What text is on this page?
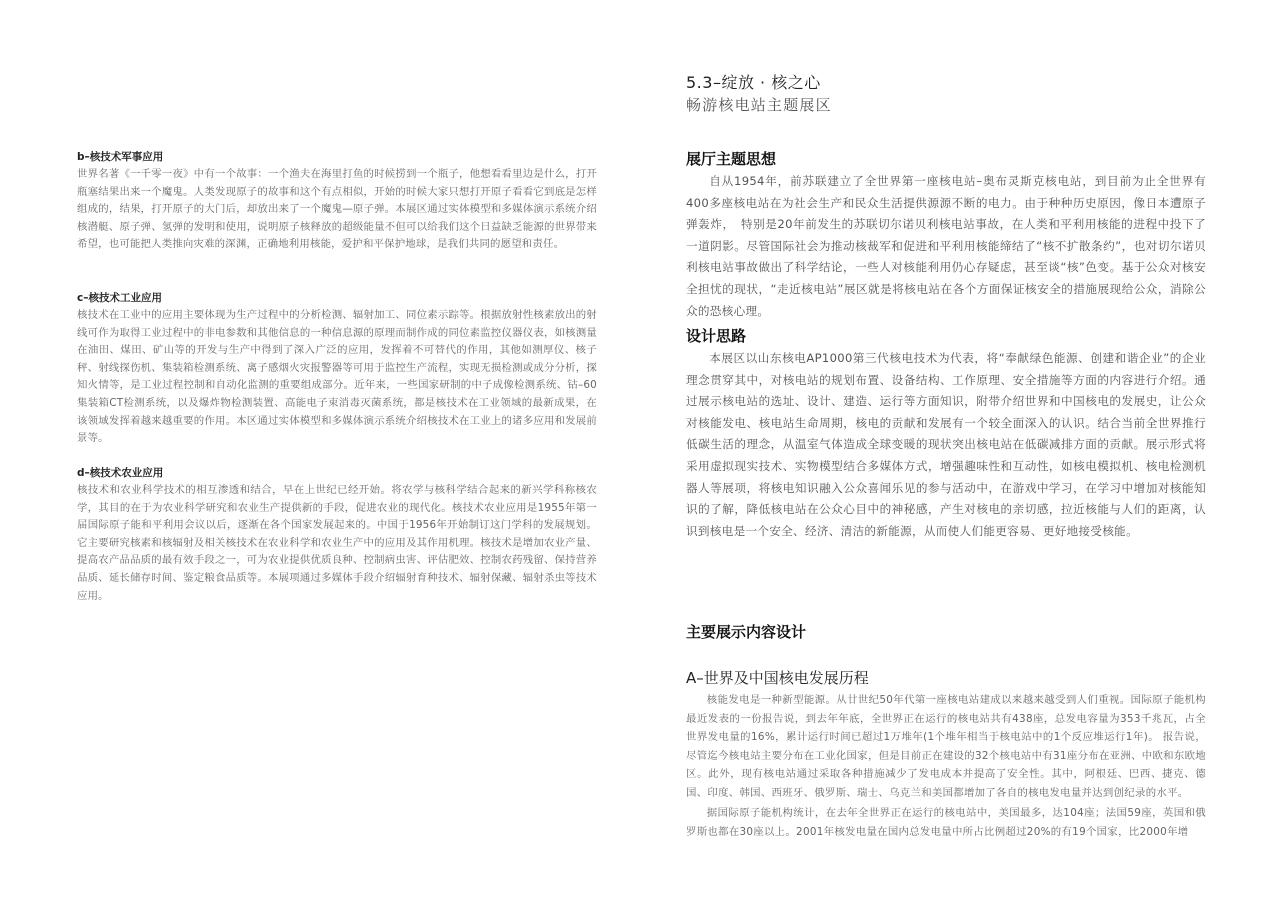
b–核技术军事应用

世界名著《一千零一夜》中有一个故事：一个渔夫在海里打鱼的时候捞到一个瓶子，他想看看里边是什么，打开瓶塞结果出来一个魔鬼。人类发现原子的故事和这个有点相似，开始的时候大家只想打开原子看看它到底是怎样组成的，结果，打开原子的大门后，却放出来了一个魔鬼—原子弹。本展区通过实体模型和多媒体演示系统介绍核潜艇、原子弹、氢弹的发明和使用，说明原子核释放的超级能量不但可以给我们这个日益缺乏能源的世界带来希望，也可能把人类推向灾难的深渊，正确地利用核能，爱护和平保护地球，是我们共同的愿望和责任。

c–核技术工业应用

核技术在工业中的应用主要体现为生产过程中的分析检测、辐射加工、同位素示踪等。根据放射性核素放出的射线可作为取得工业过程中的非电参数和其他信息的一种信息源的原理而制作成的同位素监控仪器仪表，如核测量在油田、煤田、矿山等的开发与生产中得到了深入广泛的应用，发挥着不可替代的作用，其他如测厚仪、核子秤、射线探伤机、集装箱检测系统、离子感烟火灾报警器等可用于监控生产流程，实现无损检测或成分分析，探知火情等，是工业过程控制和自动化监测的重要组成部分。近年来，一些国家研制的中子成像检测系统、钴–60集装箱CT检测系统，以及爆炸物检测装置、高能电子束消毒灭菌系统，都是核技术在工业领域的最新成果，在该领域发挥着越来越重要的作用。本区通过实体模型和多媒体演示系统介绍核技术在工业上的诸多应用和发展前景等。

d–核技术农业应用

核技术和农业科学技术的相互渗透和结合，早在上世纪已经开始。将农学与核科学结合起来的新兴学科称核农学，其目的在于为农业科学研究和农业生产提供新的手段，促进农业的现代化。核技术农业应用是1955年第一届国际原子能和平利用会议以后，逐渐在各个国家发展起来的。中国于1956年开始制订这门学科的发展规划。它主要研究核素和核辐射及相关核技术在农业科学和农业生产中的应用及其作用机理。核技术是增加农业产量、提高农产品品质的最有效手段之一，可为农业提供优质良种、控制病虫害、评估肥效、控制农药残留、保持营养品质、延长储存时间、鉴定粮食品质等。本展项通过多媒体手段介绍辐射育种技术、辐射保藏、辐射杀虫等技术应用。

5.3–绽放 · 核之心
畅游核电站主题展区
展厅主题思想

自从1954年，前苏联建立了全世界第一座核电站–奥布灵斯克核电站，到目前为止全世界有400多座核电站在为社会生产和民众生活提供源源不断的电力。由于种种历史原因，像日本遭原子弹轰炸，　特别是20年前发生的苏联切尔诺贝利核电站事故，在人类和平利用核能的进程中投下了一道阴影。尽管国际社会为推动核裁军和促进和平利用核能缔结了“核不扩散条约”，也对切尔诺贝利核电站事故做出了科学结论，一些人对核能利用仍心存疑虑，甚至谈“核”色变。基于公众对核安全担忧的现状，“走近核电站”展区就是将核电站在各个方面保证核安全的措施展现给公众，消除公众的恐核心理。

设计思路

本展区以山东核电AP1000第三代核电技术为代表，将“奉献绿色能源、创建和谐企业”的企业理念贯穿其中，对核电站的规划布置、设备结构、工作原理、安全措施等方面的内容进行介绍。通过展示核电站的选址、设计、建造、运行等方面知识，附带介绍世界和中国核电的发展史，让公众对核能发电、核电站生命周期，核电的贡献和发展有一个较全面深入的认识。结合当前全世界推行低碳生活的理念，从温室气体造成全球变暖的现状突出核电站在低碳减排方面的贡献。展示形式将采用虚拟现实技术、实物模型结合多媒体方式，增强趣味性和互动性，如核电模拟机、核电检测机器人等展项，将核电知识融入公众喜闻乐见的参与活动中，在游戏中学习，在学习中增加对核能知识的了解，降低核电站在公众心目中的神秘感，产生对核电的亲切感，拉近核能与人们的距离，认识到核电是一个安全、经济、清洁的新能源，从而使人们能更容易、更好地接受核能。

主要展示内容设计
A–世界及中国核电发展历程

核能发电是一种新型能源。从廿世纪50年代第一座核电站建成以来越来越受到人们重视。国际原子能机构最近发表的一份报告说，到去年年底，全世界正在运行的核电站共有438座，总发电容量为353千兆瓦，占全世界发电量的16%，累计运行时间已超过1万堆年(1个堆年相当于核电站中的1个反应堆运行1年)。 报告说，尽管迄今核电站主要分布在工业化国家，但是目前正在建设的32个核电站中有31座分布在亚洲、中欧和东欧地区。此外，现有核电站通过采取各种措施减少了发电成本并提高了安全性。其中，阿根廷、巴西、捷克、德国、印度、韩国、西班牙、俄罗斯、瑞士、乌克兰和美国都增加了各自的核电发电量并达到创纪录的水平。

据国际原子能机构统计，在去年全世界正在运行的核电站中，美国最多，达104座；法国59座，英国和俄罗斯也都在30座以上。2001年核发电量在国内总发电量中所占比例超过20%的有19个国家，比2000年增
